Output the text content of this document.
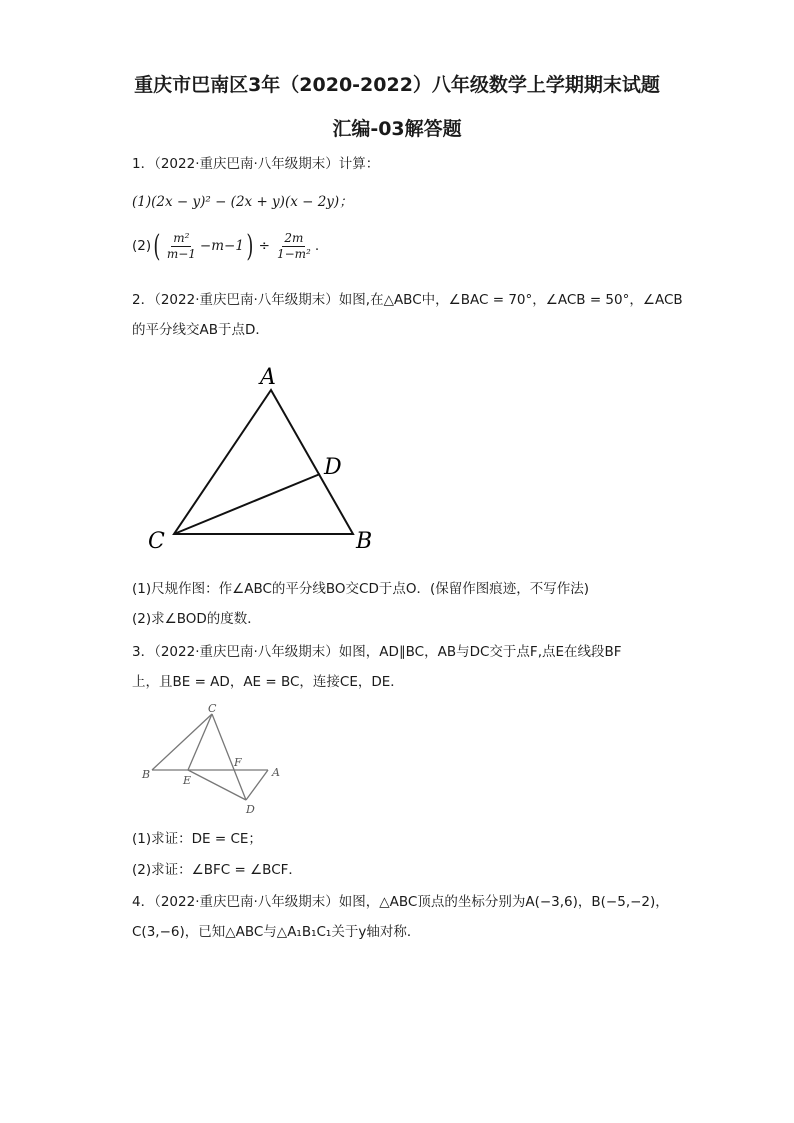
重庆市巴南区3年（2020-2022）八年级数学上学期期末试题
汇编-03解答题
1．（2022·重庆巴南·八年级期末）计算：
(1)(2x − y)² − (2x + y)(x − 2y)；
(2) ( $\frac{\text{m²}}{m-1} -m-1$ ) ÷ $\frac{2m}{\text{1−m²}}$ .
2．（2022·重庆巴南·八年级期末）如图,在△ABC中，∠BAC = 70°，∠ACB = 50°，∠ACB
的平分线交AB于点D．
A
D
C	B
(1)尺规作图：作∠ABC的平分线BO交CD于点O．(保留作图痕迹，不写作法)
(2)求∠BOD的度数．
3．（2022·重庆巴南·八年级期末）如图，AD∥BC，AB与DC交于点F,点E在线段BF
上，且BE = AD，AE = BC，连接CE，DE．
C
B	E
F
A
D
(1)求证：DE = CE；
(2)求证：∠BFC = ∠BCF．
4．（2022·重庆巴南·八年级期末）如图，△ABC顶点的坐标分别为A(−3,6)，B(−5,−2)，
C(3,−6)，已知△ABC与△A₁B₁C₁关于y轴对称．
